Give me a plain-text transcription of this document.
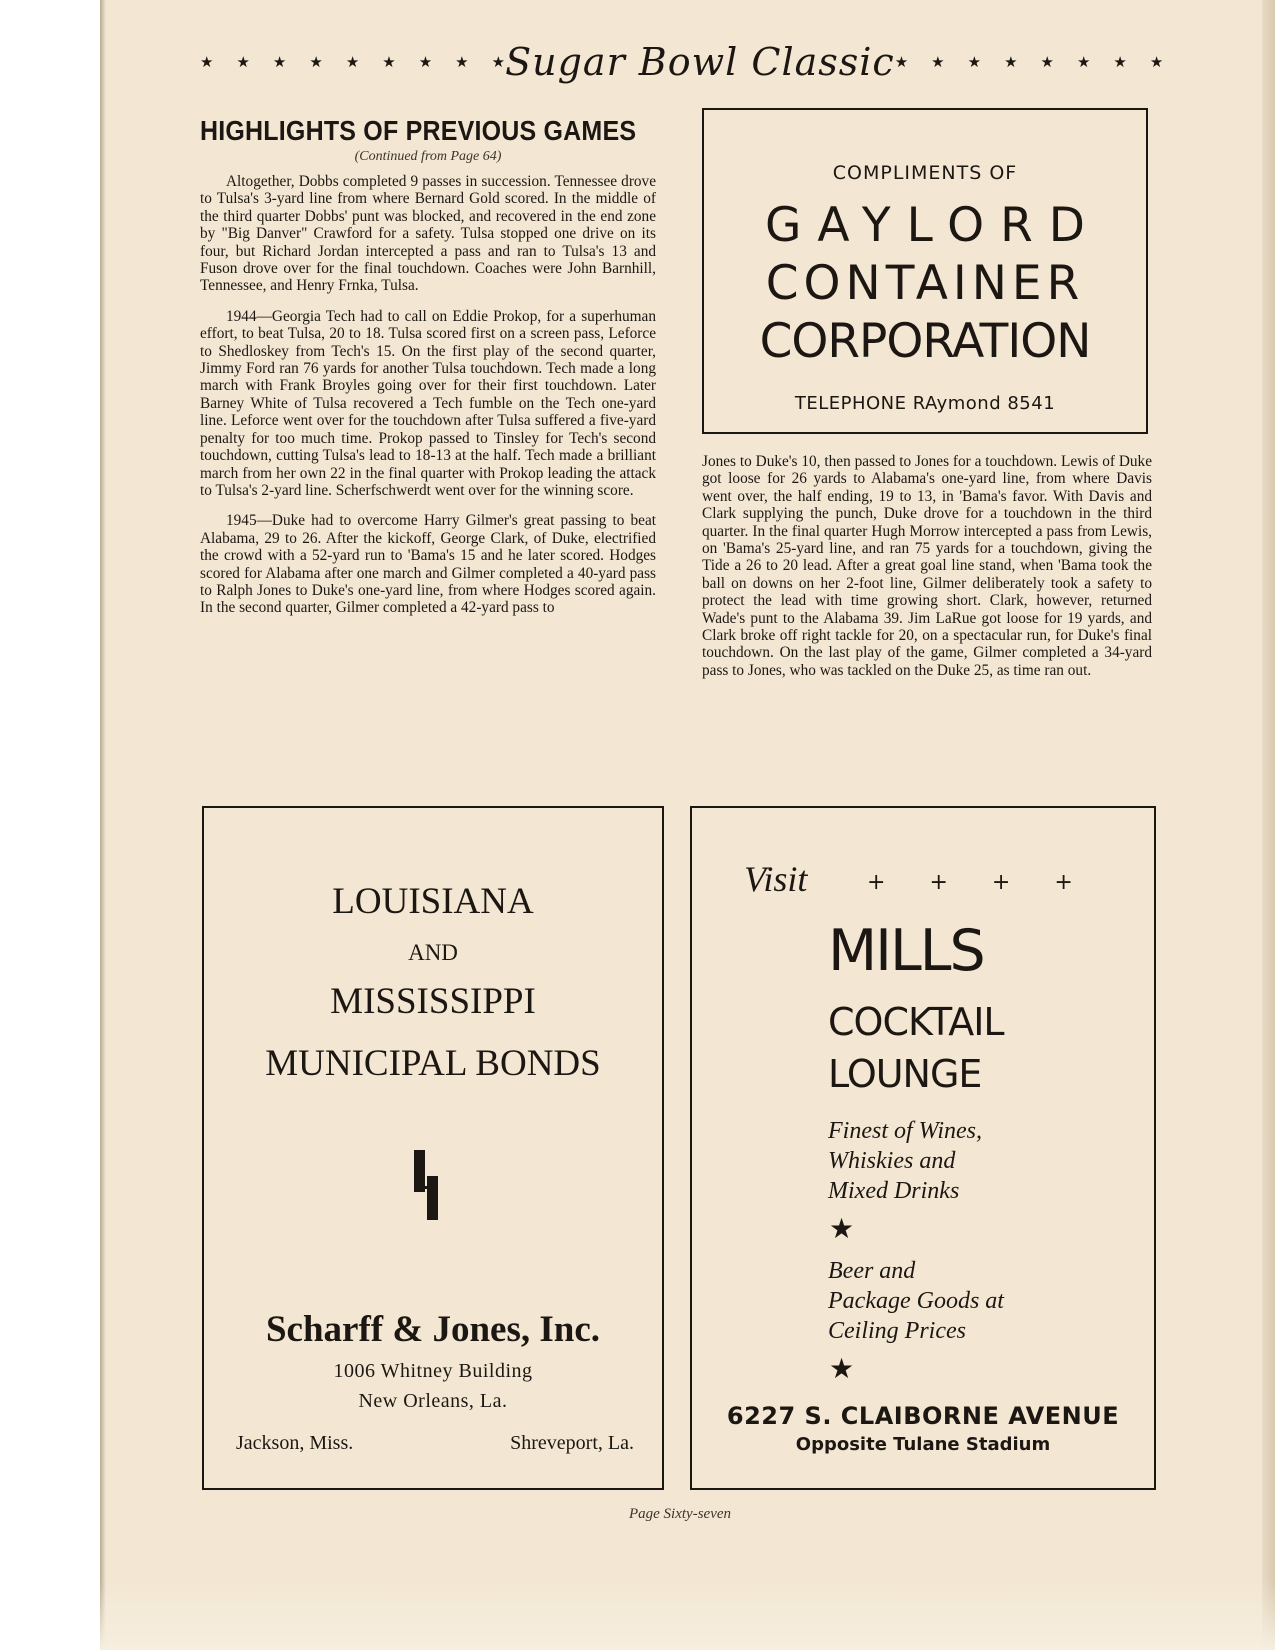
★ ★ ★ ★ ★ ★ ★ ★ ★ Sugar Bowl Classic ★ ★ ★ ★ ★ ★ ★ ★
HIGHLIGHTS OF PREVIOUS GAMES

(Continued from Page 64)

Altogether, Dobbs completed 9 passes in succession. Tennessee drove to Tulsa's 3-yard line from where Bernard Gold scored. In the middle of the third quarter Dobbs' punt was blocked, and recovered in the end zone by "Big Danver" Crawford for a safety. Tulsa stopped one drive on its four, but Richard Jordan intercepted a pass and ran to Tulsa's 13 and Fuson drove over for the final touchdown. Coaches were John Barnhill, Tennessee, and Henry Frnka, Tulsa.

1944—Georgia Tech had to call on Eddie Prokop, for a superhuman effort, to beat Tulsa, 20 to 18. Tulsa scored first on a screen pass, Leforce to Shedloskey from Tech's 15. On the first play of the second quarter, Jimmy Ford ran 76 yards for another Tulsa touchdown. Tech made a long march with Frank Broyles going over for their first touchdown. Later Barney White of Tulsa recovered a Tech fumble on the Tech one-yard line. Leforce went over for the touchdown after Tulsa suffered a five-yard penalty for too much time. Prokop passed to Tinsley for Tech's second touchdown, cutting Tulsa's lead to 18-13 at the half. Tech made a brilliant march from her own 22 in the final quarter with Prokop leading the attack to Tulsa's 2-yard line. Scherfschwerdt went over for the winning score.

1945—Duke had to overcome Harry Gilmer's great passing to beat Alabama, 29 to 26. After the kickoff, George Clark, of Duke, electrified the crowd with a 52-yard run to 'Bama's 15 and he later scored. Hodges scored for Alabama after one march and Gilmer completed a 40-yard pass to Ralph Jones to Duke's one-yard line, from where Hodges scored again. In the second quarter, Gilmer completed a 42-yard pass to

COMPLIMENTS OF
GAYLORD
CONTAINER
CORPORATION
TELEPHONE RAymond 8541

Jones to Duke's 10, then passed to Jones for a touchdown. Lewis of Duke got loose for 26 yards to Alabama's one-yard line, from where Davis went over, the half ending, 19 to 13, in 'Bama's favor. With Davis and Clark supplying the punch, Duke drove for a touchdown in the third quarter. In the final quarter Hugh Morrow intercepted a pass from Lewis, on 'Bama's 25-yard line, and ran 75 yards for a touchdown, giving the Tide a 26 to 20 lead. After a great goal line stand, when 'Bama took the ball on downs on her 2-foot line, Gilmer deliberately took a safety to protect the lead with time growing short. Clark, however, returned Wade's punt to the Alabama 39. Jim LaRue got loose for 19 yards, and Clark broke off right tackle for 20, on a spectacular run, for Duke's final touchdown. On the last play of the game, Gilmer completed a 34-yard pass to Jones, who was tackled on the Duke 25, as time ran out.

LOUISIANA
AND
MISSISSIPPI
MUNICIPAL BONDS
Scharff & Jones, Inc.
1006 Whitney Building
New Orleans, La.
Jackson, Miss.	Shreveport, La.
Visit	+ + + +
MILLS
COCKTAIL
LOUNGE
Finest of Wines,
Whiskies and
Mixed Drinks
★
Beer and
Package Goods at
Ceiling Prices
★
6227 S. CLAIBORNE AVENUE
Opposite Tulane Stadium
Page Sixty-seven
